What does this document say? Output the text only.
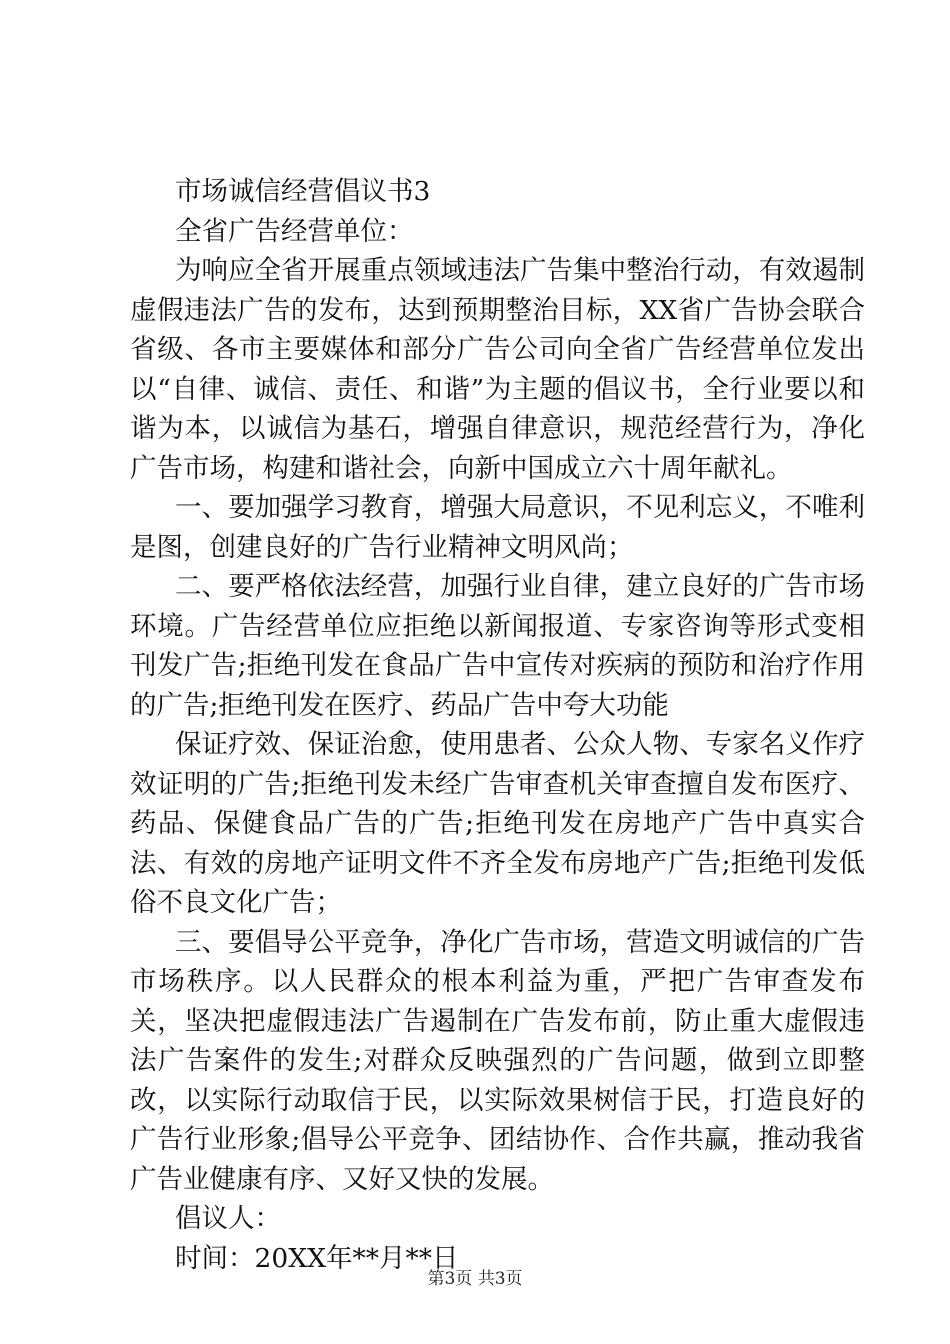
市场诚信经营倡议书3

全省广告经营单位：

为响应全省开展重点领域违法广告集中整治行动，有效遏制虚假违法广告的发布，达到预期整治目标，XX省广告协会联合省级、各市主要媒体和部分广告公司向全省广告经营单位发出以“自律、诚信、责任、和谐”为主题的倡议书，全行业要以和谐为本，以诚信为基石，增强自律意识，规范经营行为，净化广告市场，构建和谐社会，向新中国成立六十周年献礼。

一、要加强学习教育，增强大局意识，不见利忘义，不唯利是图，创建良好的广告行业精神文明风尚；

二、要严格依法经营，加强行业自律，建立良好的广告市场环境。广告经营单位应拒绝以新闻报道、专家咨询等形式变相刊发广告;拒绝刊发在食品广告中宣传对疾病的预防和治疗作用的广告;拒绝刊发在医疗、药品广告中夸大功能

保证疗效、保证治愈，使用患者、公众人物、专家名义作疗效证明的广告;拒绝刊发未经广告审查机关审查擅自发布医疗、药品、保健食品广告的广告;拒绝刊发在房地产广告中真实合法、有效的房地产证明文件不齐全发布房地产广告;拒绝刊发低俗不良文化广告；

三、要倡导公平竞争，净化广告市场，营造文明诚信的广告市场秩序。以人民群众的根本利益为重，严把广告审查发布关，坚决把虚假违法广告遏制在广告发布前，防止重大虚假违法广告案件的发生;对群众反映强烈的广告问题，做到立即整改，以实际行动取信于民，以实际效果树信于民，打造良好的广告行业形象;倡导公平竞争、团结协作、合作共赢，推动我省广告业健康有序、又好又快的发展。

倡议人：

时间：20XX年**月**日

第3页 共3页
